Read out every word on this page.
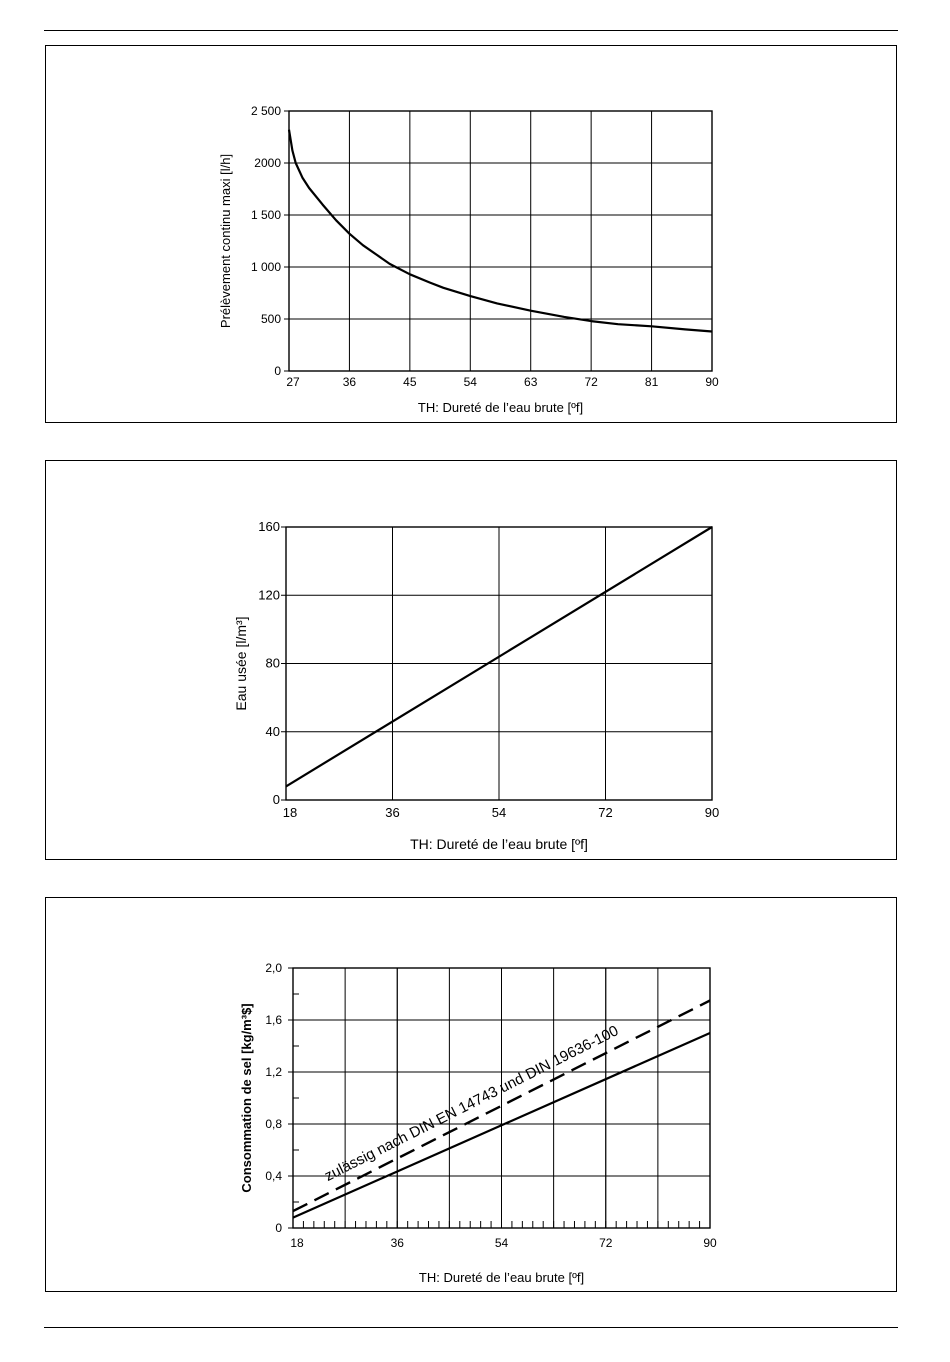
0
500
1 000
1 500
2000
2 500
27	36	45	54	63	72	81	90
TH: Dureté de l’eau brute [ºf]
Prélèvement continu maxi [l/h]
0
40
80
120
160
18	36	54	72	90
TH: Dureté de l’eau brute [ºf]
Eau usée [l/m³]
0
0,4
0,8
1,2
1,6
2,0
18	36	54	72	90
TH: Dureté de l’eau brute [ºf]
Consommation de sel [kg/m³$]	zulässig nach DIN EN 14743 und DIN 19636-100
